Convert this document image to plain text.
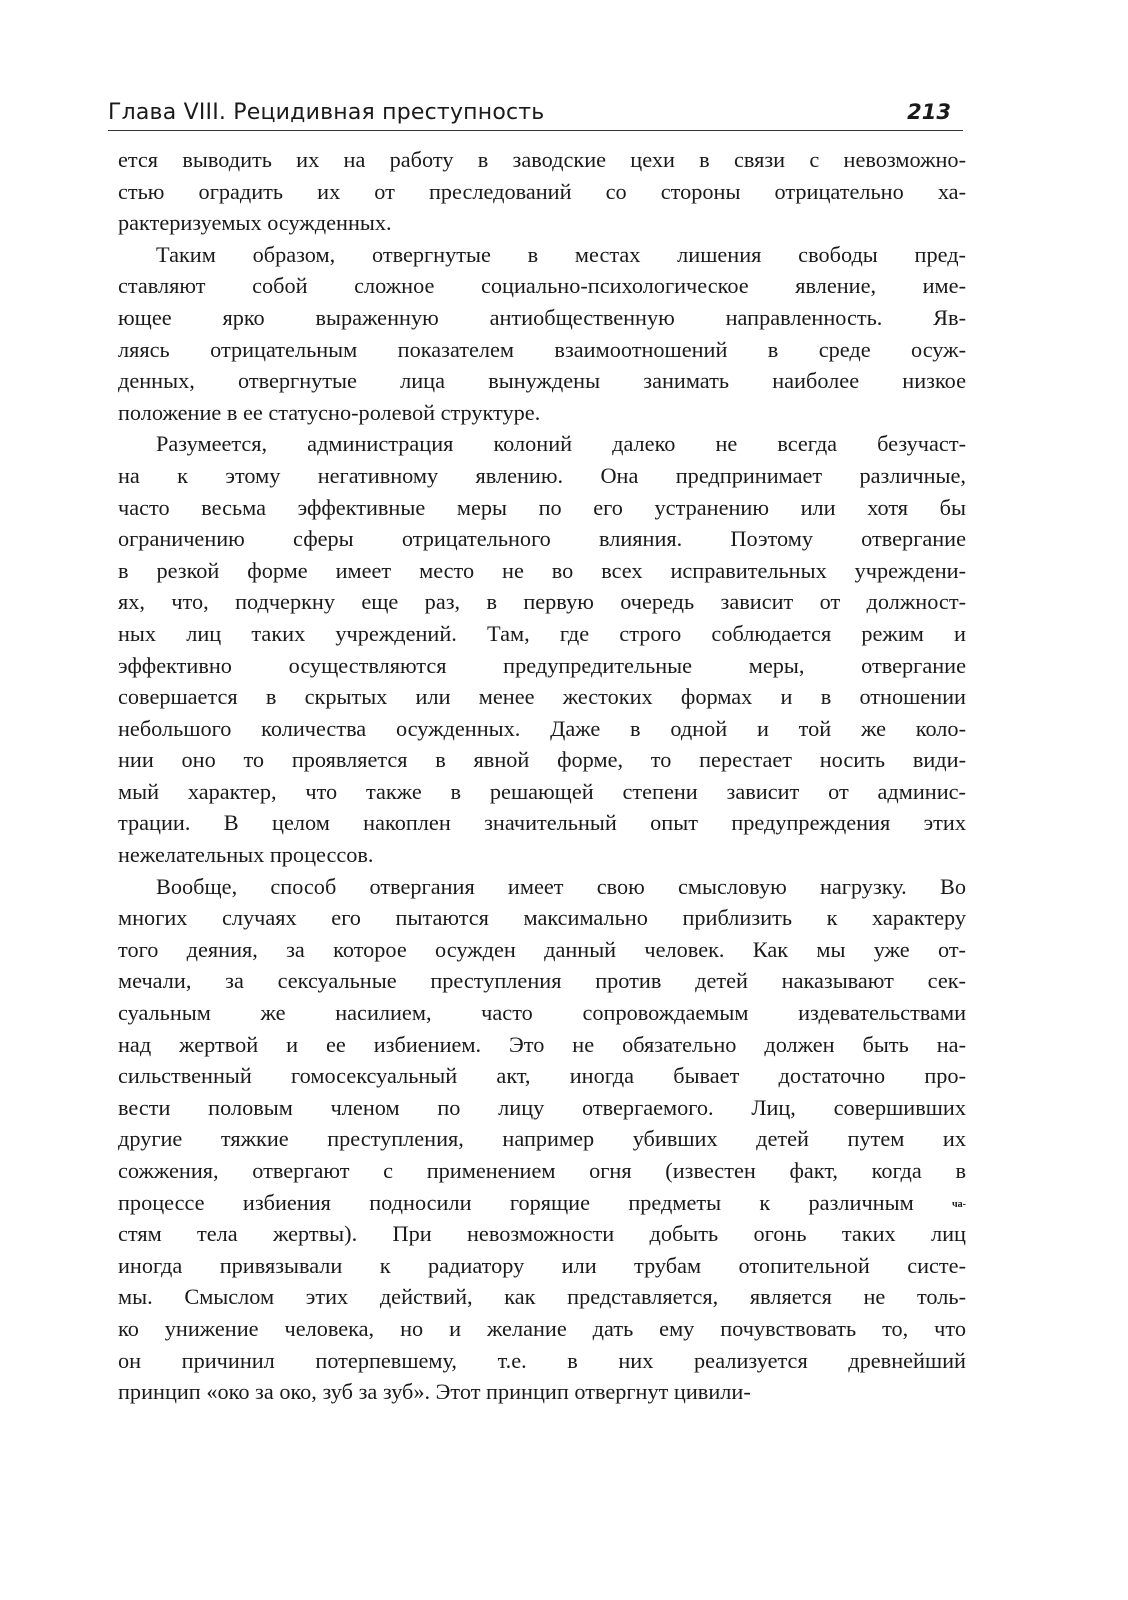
Глава VIII. Рецидивная преступность	213
ется выводить их на работу в заводские цехи в связи с невозможно-
стью оградить их от преследований со стороны отрицательно ха-
рактеризуемых осужденных.
Таким образом, отвергнутые в местах лишения свободы пред-
ставляют собой сложное социально-психологическое явление, име-
ющее ярко выраженную антиобщественную направленность. Яв-
ляясь отрицательным показателем взаимоотношений в среде осуж-
денных, отвергнутые лица вынуждены занимать наиболее низкое
положение в ее статусно-ролевой структуре.
Разумеется, администрация колоний далеко не всегда безучаст-
на к этому негативному явлению. Она предпринимает различные,
часто весьма эффективные меры по его устранению или хотя бы
ограничению сферы отрицательного влияния. Поэтому отвергание
в резкой форме имеет место не во всех исправительных учреждени-
ях, что, подчеркну еще раз, в первую очередь зависит от должност-
ных лиц таких учреждений. Там, где строго соблюдается режим и
эффективно осуществляются предупредительные меры, отвергание
совершается в скрытых или менее жестоких формах и в отношении
небольшого количества осужденных. Даже в одной и той же коло-
нии оно то проявляется в явной форме, то перестает носить види-
мый характер, что также в решающей степени зависит от админис-
трации. В целом накоплен значительный опыт предупреждения этих
нежелательных процессов.
Вообще, способ отвергания имеет свою смысловую нагрузку. Во
многих случаях его пытаются максимально приблизить к характеру
того деяния, за которое осужден данный человек. Как мы уже от-
мечали, за сексуальные преступления против детей наказывают сек-
суальным же насилием, часто сопровождаемым издевательствами
над жертвой и ее избиением. Это не обязательно должен быть на-
сильственный гомосексуальный акт, иногда бывает достаточно про-
вести половым членом по лицу отвергаемого. Лиц, совершивших
другие тяжкие преступления, например убивших детей путем их
сожжения, отвергают с применением огня (известен факт, когда в
процессе избиения подносили горящие предметы к различным	ча-
стям тела жертвы). При невозможности добыть огонь таких лиц
иногда привязывали к радиатору или трубам отопительной систе-
мы. Смыслом этих действий, как представляется, является не толь-
ко унижение человека, но и желание дать ему почувствовать то, что
он причинил потерпевшему, т.е. в них реализуется древнейший
принцип «око за око, зуб за зуб». Этот принцип отвергнут цивили-
